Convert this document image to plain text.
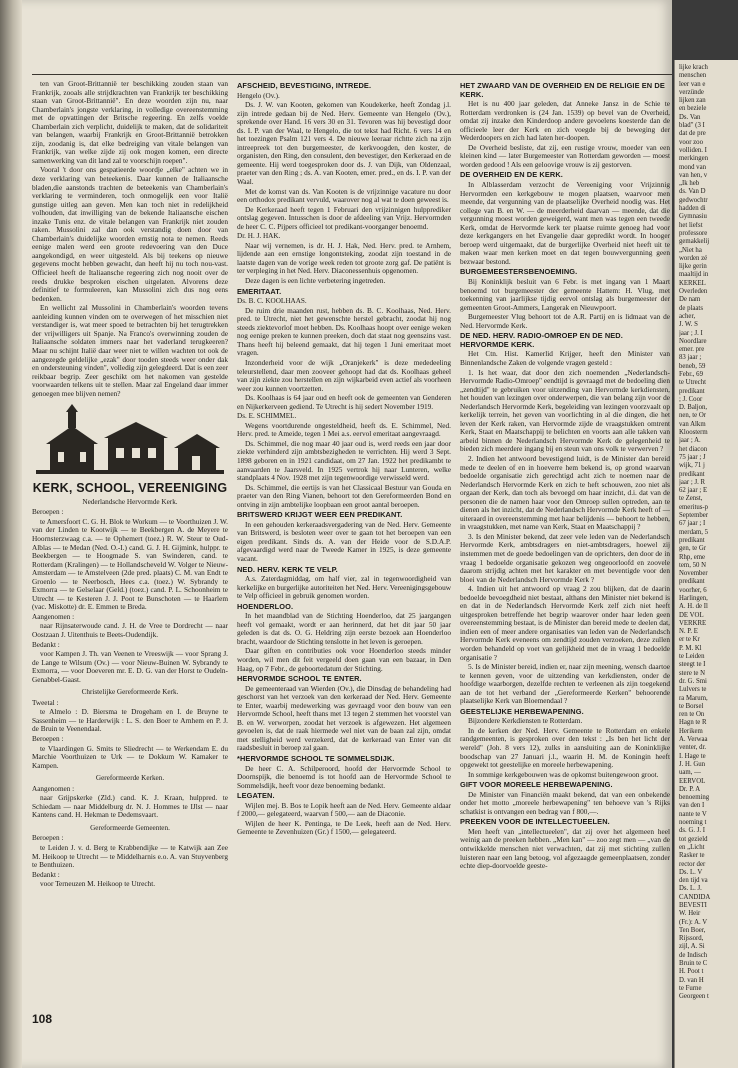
ten van Groot-Brittannië ter beschikking zouden staan van Frankrijk, zooals alle strijdkrachten van Frankrijk ter beschikking staan van Groot-Brittannië". En deze woorden zijn nu, naar Chamberlain's jongste verklaring, in volledige overeenstemming met de opvattingen der Britsche regeering. En zelfs voelde Chamberlain zich verplicht, duidelijk te maken, dat de solidariteit van belangen, waarbij Frankrijk en Groot-Brittannië betrokken zijn, zoodanig is, dat elke bedreiging van vitale belangen van Frankrijk, van welke zijde zij ook mogen komen, een directe samenwerking van dit land zal te voorschijn roepen".

Vooral 't door ons gespatieerde woordje „elke" achten we in deze verklaring van beteekenis. Daar kunnen de Italiaansche bladen,die aanstonds trachten de beteekenis van Chamberlain's verklaring te verminderen, toch onmogelijk een voor Italië gunstige uitleg aan geven. Men kan toch niet in redelijkheid volhouden, dat inwilliging van de bekende Italiaansche eischen inzake Tunis enz. de vitale belangen van Frankrijk niet zouden raken. Mussolini zal dan ook verstandig doen door van Chamberlain's duidelijke woorden ernstig nota te nemen. Reeds eenige malen werd een groote redevoering van den Duce aangekondigd, en weer uitgesteld. Als bij teekens op nieuwe gegevens mocht hebben gewacht, dan heeft hij nu toch nou-vast. Officieel heeft de Italiaansche regeering zich nog nooit over de reeds drukke besproken eischen uitgelaten. Alvorens deze definitief te formuleeren, kan Mussolini zich dus nog eens bedenken.

En wellicht zal Mussolini in Chamberlain's woorden tevens aanleiding kunnen vinden om te overwegen of het misschien niet verstandiger is, wat meer spoed te betrachten bij het terugtrekken der vrijwilligers uit Spanje. Na Franco's overwinning zouden de Italiaansche soldaten immers naar het vaderland terugkeeren? Maar nu schijnt Italië daar weer niet te willen wachten tot ook de aangezegde geldelijke „ezak" door tooden steeds weer onder dak en ondersteuning vinden", volledig zijn gelegdeerd. Dat is een zeer reikbaar begrip. Zeer geschikt om het nakomen van gestelde voorwaarden telkens uit te stellen. Maar zal Engeland daar immer genoegen mee blijven nemen?

KERK, SCHOOL, VEREENIGING
Nederlandsche Hervormde Kerk.
Beroepen :

te Amersfoort C. G. H. Blok te Workum — te Voorthuizen J. W. van der Linden te Kootwijk — te Beekbergen A. de Meyere te Hoornsterzwaag c.a. — te Ophemert (toez.) R. W. Steur te Oud-Alblas — te Medan (Ned. O.-I.) cand. G. J. H. Gijmink, hulppr. te Beekbergen — te Hoogmade S. van Swinderen, cand. te Rotterdam (Kralingen) — te Hollandscheveld W. Volger te Nieuw-Amsterdam — te Amstelveen (2de pred. plaats) C. M. van Endt te Groenlo — te Neerbosch, Hees c.a. (toez.) W. Sybrandy te Exmorra — te Gelselaar (Geld.) (toez.) cand. P. L. Schoonheim te Utrecht — te Kesteren J. J. Poot te Bunschoten — te Haarlem (vac. Miskotte) dr. E. Emmen te Breda.

Aangenomen :

naar Rijnsaterwoude cand. J. H. de Vree te Dordrecht — naar Oostzaan J. Uitenthuis te Beets-Oudendijk.

Bedankt :

voor Kampen J. Th. van Veenen te Vreeswijk — voor Sprang J. de Lange te Wilsum (Ov.) — voor Nieuw-Buinen W. Sybrandy te Exmorra, — voor Doeveren mr. E. D. G. van der Horst te Oudeln-Genabbel-Gaast.

Christelijke Gereformeerde Kerk.
Tweetal :

te Almelo : D. Biersma te Drogeham en I. de Bruyne te Sassenheim — te Harderwijk : L. S. den Boer te Arnhem en P. J. de Bruin te Veenendaal.

Beroepen :

te Vlaardingen G. Smits te Sliedrecht — te Werkendam E. du Marchie Voorthuizen te Urk — te Dokkum W. Kamaker te Kampen.

Gereformeerde Kerken.
Aangenomen :

naar Grijpskerke (Zld.) cand. K. J. Kraan, hulppred. te Schiedam — naar Middelburg dr. N. J. Hommes te IJlst — naar Kantens cand. H. Hekman te Dedemsvaart.

Gereformeerde Gemeenten.
Beroepen :

te Leiden J. v. d. Berg te Krabbendijke — te Katwijk aan Zee M. Heikoop te Utrecht — te Middelharnis e.o. A. van Stuyvenberg te Benthuizen.

Bedankt :

voor Terneuzen M. Heikoop te Utrecht.

AFSCHEID, BEVESTIGING, INTREDE.
Hengelo (Ov.).

Ds. J. W. van Kooten, gekomen van Koudekerke, heeft Zondag j.l. zijn intrede gedaan bij de Ned. Herv. Gemeente van Hengelo (Ov.), sprekende over Hand. 16 vers 30 en 31. Tevoren was hij bevestigd door ds. I. P. van der Waal, te Hengelo, die tot tekst had Richt. 6 vers 14 en het toezingen Psalm 121 vers 4. De nieuwe leeraar richtte zich na zijn intreepreek tot den burgemeester, de kerkvoogden, den koster, de organisten, den Ring, den consulent, den bevestiger, den Kerkeraad en de gemeente. Hij werd toegesproken door ds. J. van Dijk, van Oldenzaal, praeter van den Ring ; ds. A. van Kooten, emer. pred., en ds. I. P. van der Waal.

Met de komst van ds. Van Kooten is de vrijzinnige vacature nu door een orthodox predikant vervuld, waarover nog al wat te doen geweest is.

De Kerkeraad heeft tegen 1 Februari den vrijzinnigen hulpprediker ontslag gegeven. Intusschen is door de afdeeling van Vrijz. Hervormden de heer C. C. Pijpers officieel tot predikant-voorganger benoemd.

Dr. H. J. HAK.

Naar wij vernemen, is dr. H. J. Hak, Ned. Herv. pred. te Arnhem, lijdende aan een ernstige longontsteking, zoodat zijn toestand in de laatste dagen van de vorige week reden tot groote zorg gaf. De patiënt is ter verpleging in het Ned. Herv. Diaconessenhuis opgenomen.

Deze dagen is een lichte verbetering ingetreden.

EMERITAAT.
Ds. B. C. KOOLHAAS.

De ruim drie maanden rust, hebben ds. B. C. Koolhaas, Ned. Herv. pred. te Utrecht, niet het gewenschte herstel gebracht, zoodat hij nog steeds ziektevorlof moet hebben. Ds. Koolhaas hoopt over eenige weken nog eenige preken te kunnen preeken, doch dat staat nog geenszins vast. Thans heeft hij beleend gemaakt, dat hij tegen 1 Juni emeritaat moet vragen.

Inzonderheid voor de wijk „Oranjekerk" is deze mededeeling teleurstellend, daar men zooveer gehoopt had dat ds. Koolhaas geheel van zijn ziekte zou herstellen en zijn wijkarbeid even actief als voorheen weer zou kunnen voortzetten.

Ds. Koolhaas is 64 jaar oud en heeft ook de gemeenten van Genderen en Nijkerkerveen gediend. Te Utrecht is hij sedert November 1919.

Ds. E. SCHIMMEL.

Wegens voortdurende ongesteldheid, heeft ds. E. Schimmel, Ned. Herv. pred. te Ameide, tegen 1 Mei a.s. eervol emeritaat aangevraagd.

Ds. Schimmel, die nog maar 40 jaar oud is, werd reeds een jaar door ziekte verhinderd zijn ambtsbezigheden te verrichten. Hij werd 3 Sept. 1898 geboren en in 1921 candidaat, om 27 Jan. 1922 het predikambt te aanvaarden te Jaarsveld. In 1925 vertrok hij naar Lunteren, welke standplaats 4 Nov. 1928 met zijn tegenwoordige verwisseld werd.

Ds. Schimmel, die eertijs is van het Classicaal Bestuur van Gouda en praeter van den Ring Vianen, behoort tot den Gereformeerden Bond en ontving in zijn ambtelijke loopbaan een groot aantal beroepen.

BRITSWERD KRIJGT WEER EEN PREDIKANT.

In een gehouden kerkeraadsvergadering van de Ned. Herv. Gemeente van Britswerd, is besloten weer over te gaan tot het beroepen van een eigen predikant. Sinds ds. A. van der Heide voor de S.D.A.P. afgevaardigd werd naar de Tweede Kamer in 1925, is deze gemeente vacant.

NED. HERV. KERK TE VELP.

A.s. Zaterdagmiddag, om half vier, zal in tegenwoordigheid van kerkelijke en burgerlijke autoriteiten het Ned. Herv. Vereenigingsgebouw te Velp officieel in gebruik genomen worden.

HOENDERLOO.

In het maandblad van de Stichting Hoenderloo, dat 25 jaargangen heeft vol gemaakt, wordt er aan herinnerd, dat het dit jaar 50 jaar geleden is dat ds. O. G. Heldring zijn eerste bezoek aan Hoenderloo bracht, waardoor de Stichting tenslotte in het leven is geroepen.

Daar giften en contributies ook voor Hoenderloo steeds minder worden, wil men dit feit vergeeld doen gaan van een bazaar, in Den Haag, op 7 Febr., de geboortedatum der Stichting.

HERVORMDE SCHOOL TE ENTER.

De gemeenteraad van Wierden (Ov.), die Dinsdag de behandeling had geschorst van het verzoek van den kerkeraad der Ned. Herv. Gemeente te Enter, waarbij medewerking was gevraagd voor den bouw van een Hervormde School, heeft thans met 13 tegen 2 stemmen het voorstel van B. en W. verworpen, zoodat het verzoek is afgewezen. Het algemeen gevoelen is, dat de raak hiermede wel niet van de baan zal zijn, omdat met stelligheid werd verzekerd, dat de kerkeraad van Enter van dit raadsbesluit in beroep zal gaan.

*HERVORMDE SCHOOL TE SOMMELSDIJK.

De heer C. A. Schilperoord, hoofd der Hervormde School te Doornspijk, die benoemd is tot hoofd aan de Hervormde School te Sommelsdijk, heeft voor deze benoeming bedankt.

LEGATEN.

Wijlen mej. B. Bos te Lopik heeft aan de Ned. Herv. Gemeente aldaar f 2000,— gelegateerd, waarvan f 500,— aan de Diaconie.

Wijlen de heer K. Pentinga, te De Leek, heeft aan de Ned. Herv. Gemeente te Zevenhuizen (Gr.) f 1500,— gelegateerd.

HET ZWAARD VAN DE OVERHEID EN DE RELIGIE EN DE KERK.

Het is nu 400 jaar geleden, dat Anneke Jansz in de Schie te Rotterdam verdronken is (24 Jan. 1539) op bevel van de Overheid, omdat zij inzake den Kinderdoop andere gevoelens koesterde dan de officieele leer der Kerk en zich voegde bij de beweging der Wederdoopers en zich had laten her-doopen.

De Overheid besliste, dat zij, een rustige vrouw, moeder van een kleinen kind — later Burgemeester van Rotterdam geworden — moest worden gedood ! Als een geloovige vrouw is zij gestorven.

DE OVERHEID EN DE KERK.

In Alblasserdam verzocht de Vereeniging voor Vrijzinnig Hervormden een kerkgebouw te mogen plaatsen, waarvoor men meende, dat vergunning van de plaatselijke Overheid noodig was. Het college van B. en W. — de meerderheid daarvan — meende, dat die vergunning moest worden geweigerd, want men was tegen een tweede Kerk, omdat de Hervormde kerk ter plaatse ruimte genoeg had voor deze kerkgangers en het Evangelie daar gepredikt wordt. In hooger beroep werd uitgemaakt, dat de burgerlijke Overheid niet heeft uit te maken waar men kerken moet en dat tegen bouwvergunning geen bezwaar bestond.

BURGEMEESTERSBENOEMING.

Bij Koninklijk besluit van 6 Febr. is met ingang van 1 Maart benoemd tot burgemeester der gemeente Hattem: H. Vlug, met toekenning van jaarlijkse tijdig eervol ontslag als burgemeester der gemeenten Groot-Ammers, Langerak en Nieuwpoort.

Burgemeester Vlug behoort tot de A.R. Partij en is lidmaat van de Ned. Hervormde Kerk.

DE NED. HERV. RADIO-OMROEP EN DE NED. HERVORMDE KERK.

Het Ctn. Hist. Kamerlid Krijger, heeft den Minister van Binnenlandsche Zaken de volgende vragen gesteld :

1. Is het waar, dat door den zich noemenden „Nederlandsch-Hervormde Radio-Omroep" eendtijd is gevraagd met de bedoeling dien „zendtijd" te gebruiken voor uitzending van Hervormde kerkdiensten, het houden van lezingen over onderwerpen, die van belang zijn voor de Nederlandsch Hervormde Kerk, begeleiding van lezingen voorzvaalt op kerkelijk terrein, het geven van voorlichting in al die dingen, die het leven der Kerk raken, van Hervormde zijde de vraagstukken omtrent Kerk, Staat en Maatschappij te belichten en voorts aan alle takken van arbeid binnen de Nederlandsch Hervormde Kerk de gelegenheid te bieden zich meerdere ingang bij en steun van ons volk te verwerven ?

2. Indien het antwoord bevestigend luidt, is de Minister dan bereid mede te deelen of en in hoeverre hem bekend is, op grond waarvan bedoelde organisatie zich gerechtigd acht zich te noemen naar de Nederlandsch Hervormde Kerk en zich te heft schouwen, zoo niet als orgaan der Kerk, dan toch als bevoegd om haar inzicht, d.i. dat van de personen die de namen haar voor den Omroep sullen optreden, aan te dienen als het inzicht, dat de Nederlandsch Hervormde Kerk heeft of — uiteraard in overeenstemming met haar belijdenis — behoort te hebben, in vraagstukken, met name van Kerk, Staat en Maatschappij ?

3. Is den Minister bekend, dat zeer vele leden van de Nederlandsch Hervormde Kerk, ambtsdragers en niet-ambtsdragers, hoewel zij instemmen met de goede bedoelingen van de oprichters, den door de in vraag 1 bedoelde organisatie gekozen weg ongeoorloofd en zoovele daarom strijdig achten met het karakter en met beventigde voor den bloei van de Nederlandsch Hervormde Kerk ?

4. Indien uit het antwoord op vraag 2 zou blijken, dat de daarin bedoelde bevoegdheid niet bestaat, althans den Minister niet bekend is en dat in de Nederlandsch Hervormde Kerk zelf zich niet heeft uitgesproken betreffende het begrip waarover onder haar leden geen overeenstemming bestaat, is de Minister dan bereid mede te deelen dat, indien een of meer andere organisaties van leden van de Nederlandsch Hervormde Kerk eveneens om zendtijd zouden verzoeken, deze zullen worden behandeld op voet van gelijkheid met de in vraag 1 bedoelde organisatie ?

5. Is de Minister bereid, indien er, naar zijn meening, wensch daartoe te kennen geven, voor de uitzending van kerkdiensten, onder de hoofdige waarborgen, dezelfde rechten te verleenen als zijn toegekend aan de tot het verband der „Gereformeerde Kerken" behoorende plaatselijke Kerk van Bloemendaal ?

GEESTELIJKE HERBEWAPENING.

Bijzondere Kerkdiensten te Rotterdam.

In de kerken der Ned. Herv. Gemeente te Rotterdam en enkele randgemeenten, is gesproken over den tekst : „Is ben het licht der wereld" (Joh. 8 vers 12), zulks in aansluiting aan de Koninklijke boodschap van 27 Januari j.l., waarin H. M. de Koningin heeft opgewekt tot geestelijke en moreele herbewapening.

In sommige kerkgebouwen was de opkomst buitengewoon groot.

GIFT VOOR MOREELE HERBEWAPENING.

De Minister van Financiën maakt bekend, dat van een onbekende onder het motto „moreele herbewapening" ten behoeve van 's Rijks schatkist is ontvangen een bedrag van f 800,—.

PREEKEN VOOR DE INTELLECTUEELEN.

Men heeft van „intellectueelen", dat zij over het algemeen heel weinig aan de preeken hebben. „Men kan" — zoo zegt men — „van de ontwikkelde menschen niet verwachten, dat zij met stichting zullen luisteren naar een lang betoog, vol afgezaagde gemeenplaatsen, zonder echte diep-doorvoelde geeste-

108
lijke krach
menschen
leer van e
verzünde
lijken zan
en beziele
Ds. Van
blad" (3 I
dat de pre
voor zoo
volliden. I
merkingen
mond van
van hen, v
„Ik heb
ds. Van D
gedwochtr
hadden di
Gymnasiu
het liefst
professore
gemakkelij
„Niet ha
worden zé
lijke gerin
maaltijd in
KERKEL
Overleden
De nam
de plaats
acher,
J. W. S
jaar ; J. I
Noordlare
emer. pre
83 jaar ;
beneb, 59
Febr., 69
te Utrecht
predikant
; J. Coor
D. Baljon,
nen, te Or
van Alkm
Kloosterm
jaar ; A.
het diacon
75 jaar ; J
wijk, 71 j
predikant
jaar ; J. R
62 jaar ; E
te Zenst,
emeritus-p
September
67 jaar ; I
merdam, 5
predikant
gen, te Gr
Rhp, eme
tem, 50 N
November
predikant
voorher, 6
Harlingen,
A. H. de Il
DE VOL
VERKRE
N. P. E
er te Kr
P. M. Kl
te Leiden
steegt te I
stere te N
dr. G. Smi
Lulvers te
ra Marum,
te Borsel
ren te On
Hagn te R
Herikem
A. Verwaa
venter, dr.
I. Hage te
J. H. Gun
uam, —
EERVOL
Dr. P. A
benoeming
van den I
nante te V
noeming t
ds. G. J. I
tot gezield
en „Licht
Rasker te
rector der
Ds. L. V
den tijd va
Ds. L. J.
CANDIDA
BEVESTI
W. Heir
(Fr.): A. V
Ten Boer,
Rijssord,
zijl, A. Si
de Indisch
Bruin te C
H. Poot t
D. van H
te Furne
Georgeen t
